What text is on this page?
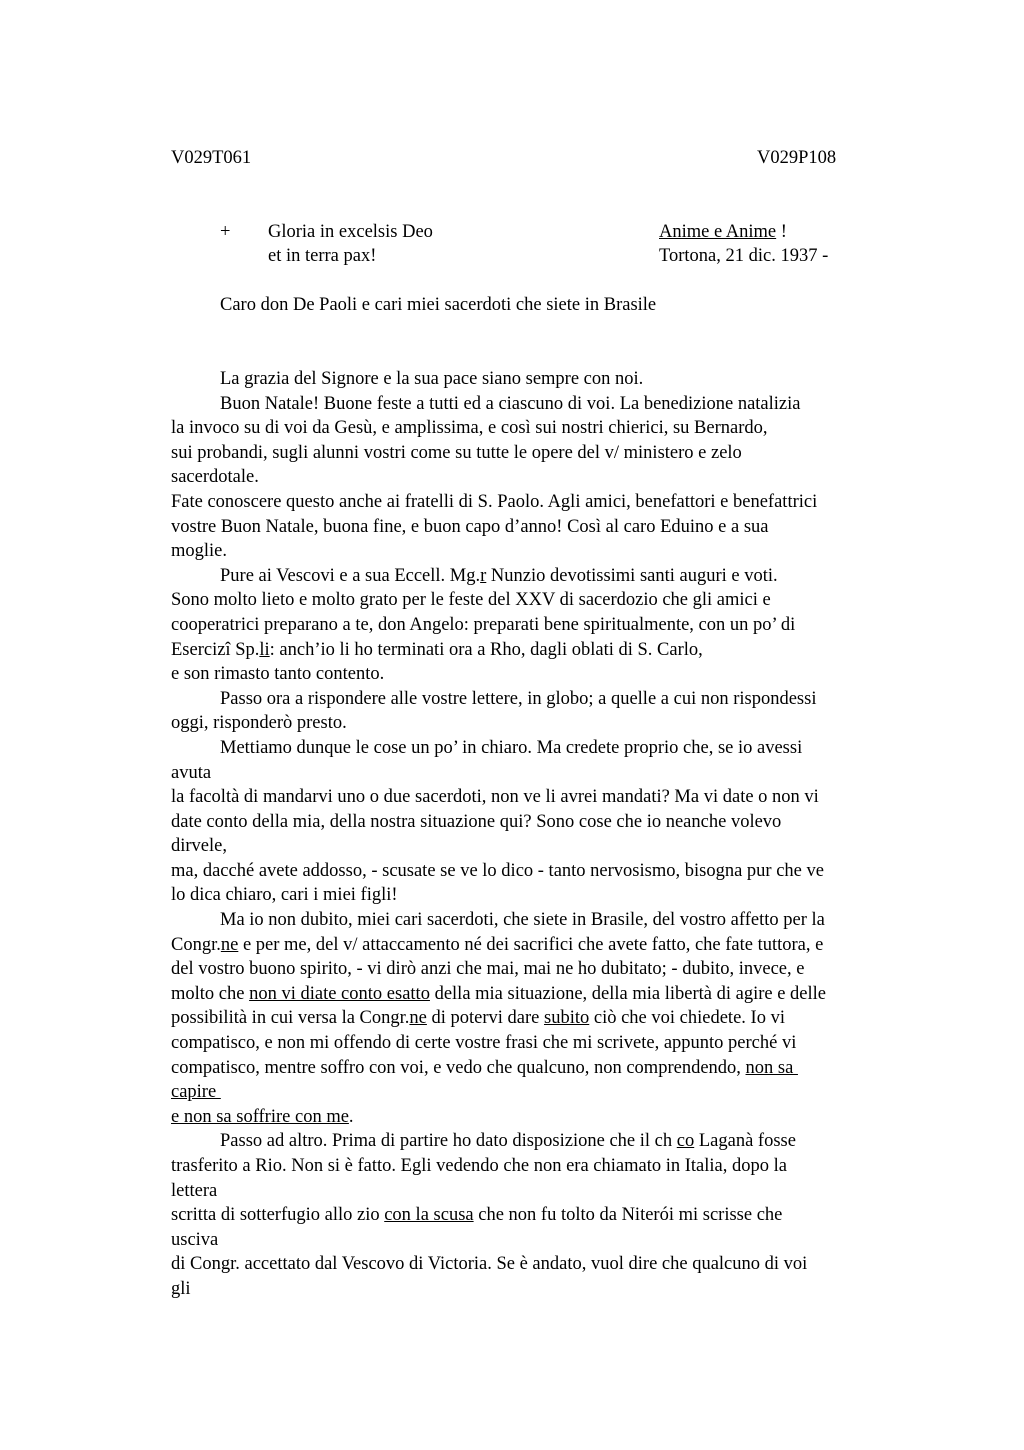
V029T061	V029P108
+ Gloria in excelsis Deo
et in terra pax!
Anime e Anime !
Tortona, 21 dic. 1937 -
Caro don De Paoli e cari miei sacerdoti che siete in Brasile
La grazia del Signore e la sua pace siano sempre con noi.
Buon Natale! Buone feste a tutti ed a ciascuno di voi. La benedizione natalizia
la invoco su di voi da Gesù, e amplissima, e così sui nostri chierici, su Bernardo,
sui probandi, sugli alunni vostri come su tutte le opere del v/ ministero e zelo
sacerdotale.
Fate conoscere questo anche ai fratelli di S. Paolo. Agli amici, benefattori e benefattrici
vostre Buon Natale, buona fine, e buon capo d’anno! Così al caro Eduino e a sua
moglie.
Pure ai Vescovi e a sua Eccell. Mg.r Nunzio devotissimi santi auguri e voti.
Sono molto lieto e molto grato per le feste del XXV di sacerdozio che gli amici e
cooperatrici preparano a te, don Angelo: preparati bene spiritualmente, con un po’ di
Esercizî Sp.li: anch’io li ho terminati ora a Rho, dagli oblati di S. Carlo,
e son rimasto tanto contento.
Passo ora a rispondere alle vostre lettere, in globo; a quelle a cui non rispondessi
oggi, risponderò presto.
Mettiamo dunque le cose un po’ in chiaro. Ma credete proprio che, se io avessi
avuta
la facoltà di mandarvi uno o due sacerdoti, non ve li avrei mandati? Ma vi date o non vi
date conto della mia, della nostra situazione qui? Sono cose che io neanche volevo
dirvele,
ma, dacché avete addosso, - scusate se ve lo dico - tanto nervosismo, bisogna pur che ve
lo dica chiaro, cari i miei figli!
Ma io non dubito, miei cari sacerdoti, che siete in Brasile, del vostro affetto per la
Congr.ne e per me, del v/ attaccamento né dei sacrifici che avete fatto, che fate tuttora, e
del vostro buono spirito, - vi dirò anzi che mai, mai ne ho dubitato; - dubito, invece, e
molto che non vi diate conto esatto della mia situazione, della mia libertà di agire e delle
possibilità in cui versa la Congr.ne di potervi dare subito ciò che voi chiedete. Io vi
compatisco, e non mi offendo di certe vostre frasi che mi scrivete, appunto perché vi
compatisco, mentre soffro con voi, e vedo che qualcuno, non comprendendo, non sa
capire
e non sa soffrire con me.
Passo ad altro. Prima di partire ho dato disposizione che il ch co Laganà fosse
trasferito a Rio. Non si è fatto. Egli vedendo che non era chiamato in Italia, dopo la
lettera
scritta di sotterfugio allo zio con la scusa che non fu tolto da Niterói mi scrisse che
usciva
di Congr. accettato dal Vescovo di Victoria. Se è andato, vuol dire che qualcuno di voi
gli
